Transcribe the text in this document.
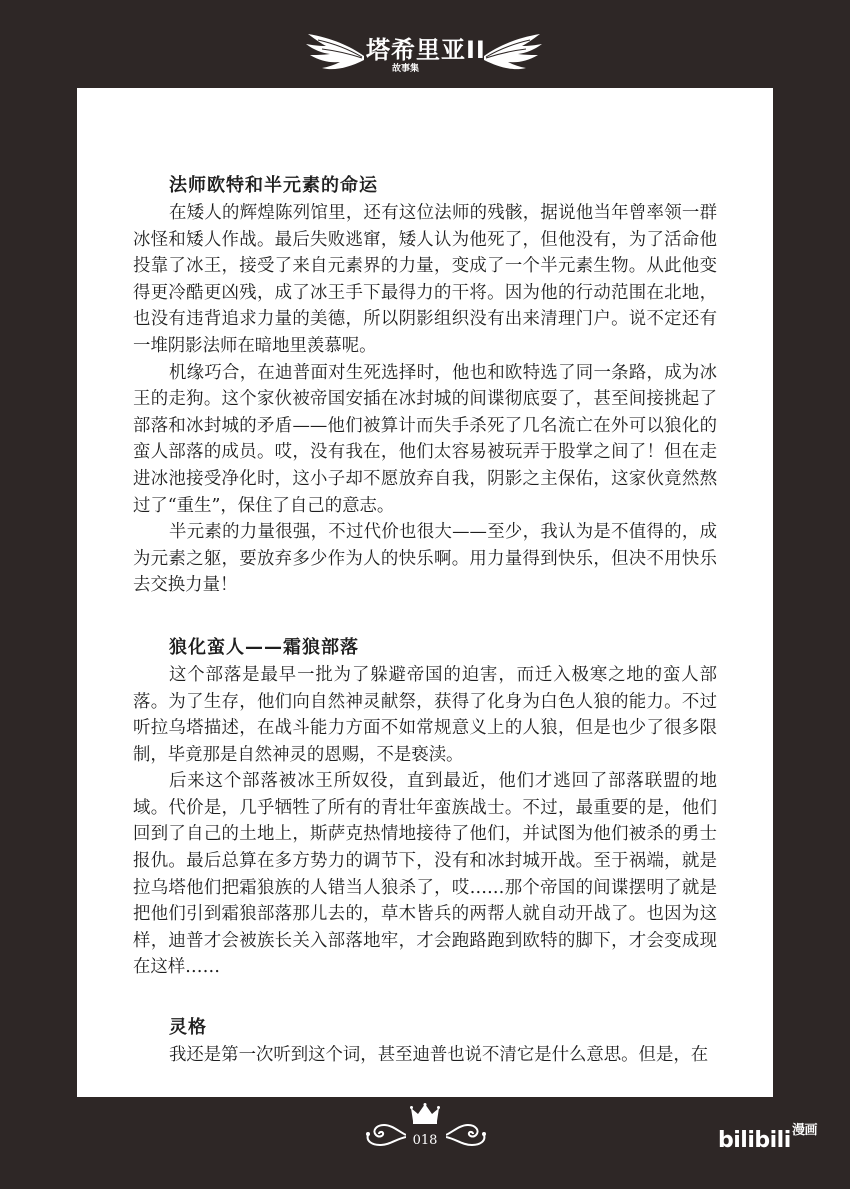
塔希里亚II
故事集
法师欧特和半元素的命运

在矮人的辉煌陈列馆里，还有这位法师的残骸，据说他当年曾率领一群冰怪和矮人作战。最后失败逃窜，矮人认为他死了，但他没有，为了活命他投靠了冰王，接受了来自元素界的力量，变成了一个半元素生物。从此他变得更冷酷更凶残，成了冰王手下最得力的干将。因为他的行动范围在北地，也没有违背追求力量的美德，所以阴影组织没有出来清理门户。说不定还有一堆阴影法师在暗地里羡慕呢。

机缘巧合，在迪普面对生死选择时，他也和欧特选了同一条路，成为冰王的走狗。这个家伙被帝国安插在冰封城的间谍彻底耍了，甚至间接挑起了部落和冰封城的矛盾——他们被算计而失手杀死了几名流亡在外可以狼化的蛮人部落的成员。哎，没有我在，他们太容易被玩弄于股掌之间了！但在走进冰池接受净化时，这小子却不愿放弃自我，阴影之主保佑，这家伙竟然熬过了“重生”，保住了自己的意志。

半元素的力量很强，不过代价也很大——至少，我认为是不值得的，成为元素之躯，要放弃多少作为人的快乐啊。用力量得到快乐，但决不用快乐去交换力量！

狼化蛮人——霜狼部落

这个部落是最早一批为了躲避帝国的迫害，而迁入极寒之地的蛮人部落。为了生存，他们向自然神灵献祭，获得了化身为白色人狼的能力。不过听拉乌塔描述，在战斗能力方面不如常规意义上的人狼，但是也少了很多限制，毕竟那是自然神灵的恩赐，不是亵渎。

后来这个部落被冰王所奴役，直到最近，他们才逃回了部落联盟的地域。代价是，几乎牺牲了所有的青壮年蛮族战士。不过，最重要的是，他们回到了自己的土地上，斯萨克热情地接待了他们，并试图为他们被杀的勇士报仇。最后总算在多方势力的调节下，没有和冰封城开战。至于祸端，就是拉乌塔他们把霜狼族的人错当人狼杀了，哎……那个帝国的间谍摆明了就是把他们引到霜狼部落那儿去的，草木皆兵的两帮人就自动开战了。也因为这样，迪普才会被族长关入部落地牢，才会跑路跑到欧特的脚下，才会变成现在这样……

灵格

我还是第一次听到这个词，甚至迪普也说不清它是什么意思。但是，在

018	bilibili 漫画
